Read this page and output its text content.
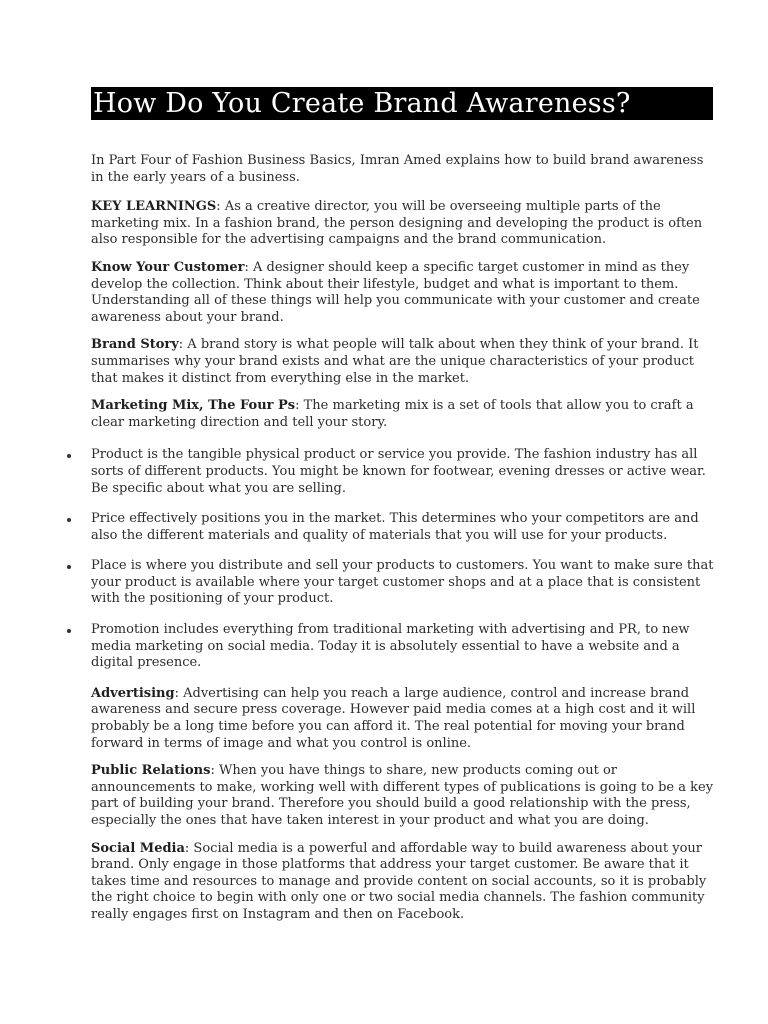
How Do You Create Brand Awareness?

In Part Four of Fashion Business Basics, Imran Amed explains how to build brand awareness in the early years of a business.

KEY LEARNINGS: As a creative director, you will be overseeing multiple parts of the marketing mix. In a fashion brand, the person designing and developing the product is often also responsible for the advertising campaigns and the brand communication.

Know Your Customer: A designer should keep a specific target customer in mind as they develop the collection. Think about their lifestyle, budget and what is important to them. Understanding all of these things will help you communicate with your customer and create awareness about your brand.

Brand Story: A brand story is what people will talk about when they think of your brand. It summarises why your brand exists and what are the unique characteristics of your product that makes it distinct from everything else in the market.

Marketing Mix, The Four Ps: The marketing mix is a set of tools that allow you to craft a clear marketing direction and tell your story.

Product is the tangible physical product or service you provide. The fashion industry has all sorts of different products. You might be known for footwear, evening dresses or active wear. Be specific about what you are selling.
Price effectively positions you in the market. This determines who your competitors are and also the different materials and quality of materials that you will use for your products.
Place is where you distribute and sell your products to customers. You want to make sure that your product is available where your target customer shops and at a place that is consistent with the positioning of your product.
Promotion includes everything from traditional marketing with advertising and PR, to new media marketing on social media. Today it is absolutely essential to have a website and a digital presence.

Advertising: Advertising can help you reach a large audience, control and increase brand awareness and secure press coverage. However paid media comes at a high cost and it will probably be a long time before you can afford it. The real potential for moving your brand forward in terms of image and what you control is online.

Public Relations: When you have things to share, new products coming out or announcements to make, working well with different types of publications is going to be a key part of building your brand. Therefore you should build a good relationship with the press, especially the ones that have taken interest in your product and what you are doing.

Social Media: Social media is a powerful and affordable way to build awareness about your brand. Only engage in those platforms that address your target customer. Be aware that it takes time and resources to manage and provide content on social accounts, so it is probably the right choice to begin with only one or two social media channels. The fashion community really engages first on Instagram and then on Facebook.
